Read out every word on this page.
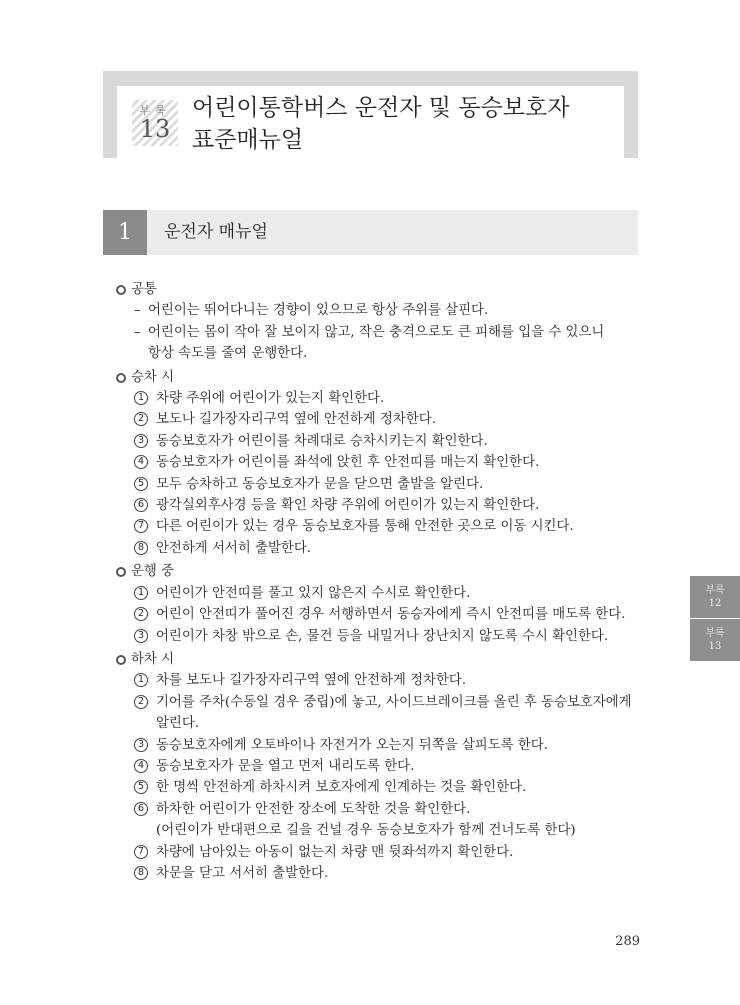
부록
13
어린이통학버스 운전자 및 동승보호자
표준매뉴얼
1	운전자 매뉴얼
공통
– 어린이는 뛰어다니는 경향이 있으므로 항상 주위를 살핀다.
– 어린이는 몸이 작아 잘 보이지 않고, 작은 충격으로도 큰 피해를 입을 수 있으니
항상 속도를 줄여 운행한다.
승차 시
1 차량 주위에 어린이가 있는지 확인한다.
2 보도나 길가장자리구역 옆에 안전하게 정차한다.
3 동승보호자가 어린이를 차례대로 승차시키는지 확인한다.
4 동승보호자가 어린이를 좌석에 앉힌 후 안전띠를 매는지 확인한다.
5 모두 승차하고 동승보호자가 문을 닫으면 출발을 알린다.
6 광각실외후사경 등을 확인 차량 주위에 어린이가 있는지 확인한다.
7 다른 어린이가 있는 경우 동승보호자를 통해 안전한 곳으로 이동 시킨다.
8 안전하게 서서히 출발한다.
운행 중
1 어린이가 안전띠를 풀고 있지 않은지 수시로 확인한다.
2 어린이 안전띠가 풀어진 경우 서행하면서 동승자에게 즉시 안전띠를 매도록 한다.
3 어린이가 차창 밖으로 손, 물건 등을 내밀거나 장난치지 않도록 수시 확인한다.
하차 시
1 차를 보도나 길가장자리구역 옆에 안전하게 정차한다.
2 기어를 주차(수동일 경우 중립)에 놓고, 사이드브레이크를 올린 후 동승보호자에게
알린다.
3 동승보호자에게 오토바이나 자전거가 오는지 뒤쪽을 살피도록 한다.
4 동승보호자가 문을 열고 먼저 내리도록 한다.
5 한 명씩 안전하게 하차시켜 보호자에게 인계하는 것을 확인한다.
6 하차한 어린이가 안전한 장소에 도착한 것을 확인한다.
(어린이가 반대편으로 길을 건널 경우 동승보호자가 함께 건너도록 한다)
7 차량에 남아있는 아동이 없는지 차량 맨 뒷좌석까지 확인한다.
8 차문을 닫고 서서히 출발한다.
부록
12
부록
13
289
